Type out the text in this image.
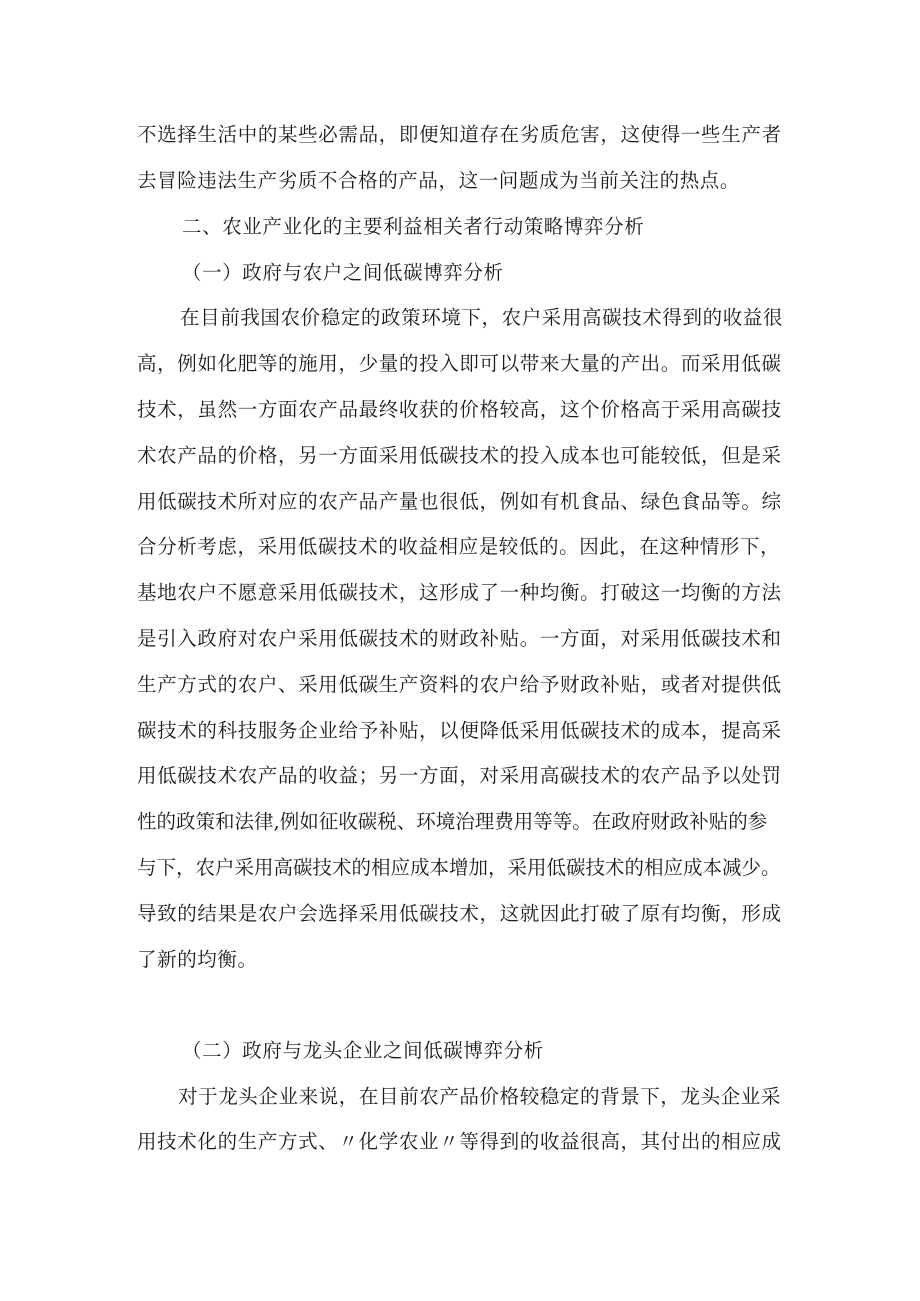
不选择生活中的某些必需品，即便知道存在劣质危害，这使得一些生产者
去冒险违法生产劣质不合格的产品，这一问题成为当前关注的热点。
二、农业产业化的主要利益相关者行动策略博弈分析
（一）政府与农户之间低碳博弈分析
在目前我国农价稳定的政策环境下，农户采用高碳技术得到的收益很
高，例如化肥等的施用，少量的投入即可以带来大量的产出。而采用低碳
技术，虽然一方面农产品最终收获的价格较高，这个价格高于采用高碳技
术农产品的价格，另一方面采用低碳技术的投入成本也可能较低，但是采
用低碳技术所对应的农产品产量也很低，例如有机食品、绿色食品等。综
合分析考虑，采用低碳技术的收益相应是较低的。因此，在这种情形下，
基地农户不愿意采用低碳技术，这形成了一种均衡。打破这一均衡的方法
是引入政府对农户采用低碳技术的财政补贴。一方面，对采用低碳技术和
生产方式的农户、采用低碳生产资料的农户给予财政补贴，或者对提供低
碳技术的科技服务企业给予补贴，以便降低采用低碳技术的成本，提高采
用低碳技术农产品的收益；另一方面，对采用高碳技术的农产品予以处罚
性的政策和法律,例如征收碳税、环境治理费用等等。在政府财政补贴的参
与下，农户采用高碳技术的相应成本增加，采用低碳技术的相应成本减少。
导致的结果是农户会选择采用低碳技术，这就因此打破了原有均衡，形成
了新的均衡。
（二）政府与龙头企业之间低碳博弈分析
对于龙头企业来说，在目前农产品价格较稳定的背景下，龙头企业采
用技术化的生产方式、〃化学农业〃等得到的收益很高，其付出的相应成
